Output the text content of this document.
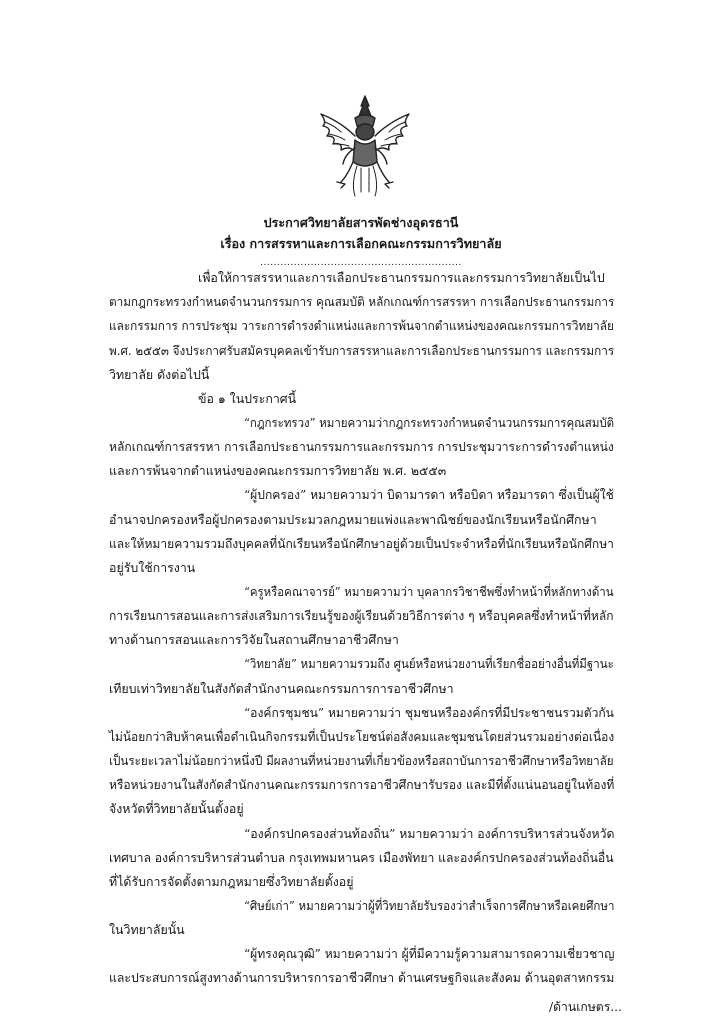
ประกาศวิทยาลัยสารพัดช่างอุดรธานี
เรื่อง การสรรหาและการเลือกคณะกรรมการวิทยาลัย
............................................................
เพื่อให้การสรรหาและการเลือกประธานกรรมการและกรรมการวิทยาลัยเป็นไป
ตามกฎกระทรวงกำหนดจำนวนกรรมการ คุณสมบัติ หลักเกณฑ์การสรรหา การเลือกประธานกรรมการ
และกรรมการ การประชุม วาระการดำรงตำแหน่งและการพ้นจากตำแหน่งของคณะกรรมการวิทยาลัย
พ.ศ. ๒๕๕๓ จึงประกาศรับสมัครบุคคลเข้ารับการสรรหาและการเลือกประธานกรรมการ และกรรมการ
วิทยาลัย ดังต่อไปนี้
ข้อ ๑ ในประกาศนี้
“กฎกระทรวง” หมายความว่ากฎกระทรวงกำหนดจำนวนกรรมการคุณสมบัติ
หลักเกณฑ์การสรรหา การเลือกประธานกรรมการและกรรมการ การประชุมวาระการดำรงตำแหน่ง
และการพ้นจากตำแหน่งของคณะกรรมการวิทยาลัย พ.ศ. ๒๕๕๓
“ผู้ปกครอง” หมายความว่า บิดามารดา หรือบิดา หรือมารดา ซึ่งเป็นผู้ใช้
อำนาจปกครองหรือผู้ปกครองตามประมวลกฎหมายแพ่งและพาณิชย์ของนักเรียนหรือนักศึกษา
และให้หมายความรวมถึงบุคคลที่นักเรียนหรือนักศึกษาอยู่ด้วยเป็นประจำหรือที่นักเรียนหรือนักศึกษา
อยู่รับใช้การงาน
“ครูหรือคณาจารย์” หมายความว่า บุคลากรวิชาชีพซึ่งทำหน้าที่หลักทางด้าน
การเรียนการสอนและการส่งเสริมการเรียนรู้ของผู้เรียนด้วยวิธีการต่าง ๆ หรือบุคคลซึ่งทำหน้าที่หลัก
ทางด้านการสอนและการวิจัยในสถานศึกษาอาชีวศึกษา
“วิทยาลัย” หมายความรวมถึง ศูนย์หรือหน่วยงานที่เรียกชื่ออย่างอื่นที่มีฐานะ
เทียบเท่าวิทยาลัยในสังกัดสำนักงานคณะกรรมการการอาชีวศึกษา
“องค์กรชุมชน” หมายความว่า ชุมชนหรือองค์กรที่มีประชาชนรวมตัวกัน
ไม่น้อยกว่าสิบห้าคนเพื่อดำเนินกิจกรรมที่เป็นประโยชน์ต่อสังคมและชุมชนโดยส่วนรวมอย่างต่อเนื่อง
เป็นระยะเวลาไม่น้อยกว่าหนึ่งปี มีผลงานที่หน่วยงานที่เกี่ยวข้องหรือสถาบันการอาชีวศึกษาหรือวิทยาลัย
หรือหน่วยงานในสังกัดสำนักงานคณะกรรมการการอาชีวศึกษารับรอง และมีที่ตั้งแน่นอนอยู่ในท้องที่
จังหวัดที่วิทยาลัยนั้นตั้งอยู่
“องค์กรปกครองส่วนท้องถิ่น” หมายความว่า องค์การบริหารส่วนจังหวัด
เทศบาล องค์การบริหารส่วนตำบล กรุงเทพมหานคร เมืองพัทยา และองค์กรปกครองส่วนท้องถิ่นอื่น
ที่ได้รับการจัดตั้งตามกฎหมายซึ่งวิทยาลัยตั้งอยู่
“ศิษย์เก่า” หมายความว่าผู้ที่วิทยาลัยรับรองว่าสำเร็จการศึกษาหรือเคยศึกษา
ในวิทยาลัยนั้น
“ผู้ทรงคุณวุฒิ” หมายความว่า ผู้ที่มีความรู้ความสามารถความเชี่ยวชาญ
และประสบการณ์สูงทางด้านการบริหารการอาชีวศึกษา ด้านเศรษฐกิจและสังคม ด้านอุตสาหกรรม
/ด้านเกษตร...
